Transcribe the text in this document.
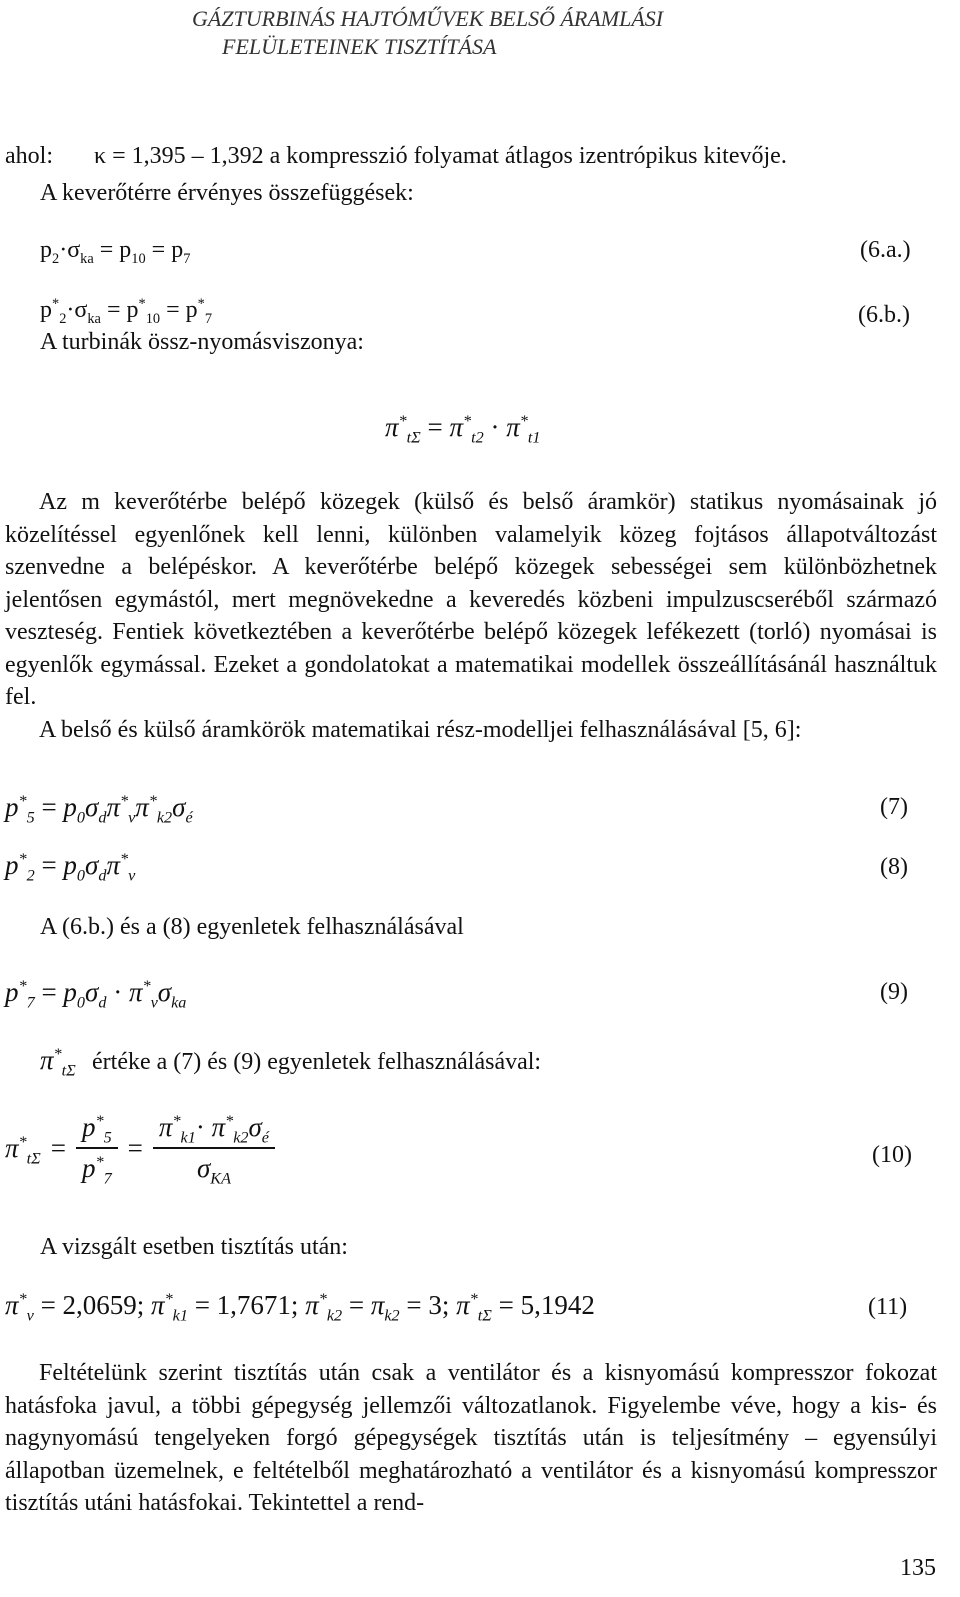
GÁZTURBINÁS HAJTÓMŰVEK BELSŐ ÁRAMLÁSI
FELÜLETEINEK TISZTÍTÁSA
ahol: κ = 1,395 – 1,392 a kompresszió folyamat átlagos izentrópikus kitevője.
A keverőtérre érvényes összefüggések:
$p_2\cdot\sigma_{ka} = p_{10} = p_7$	(6.a.)
$p^*_2\cdot\sigma_{ka} = p^*_{10} = p^*_7$	(6.b.)
A turbinák össz-nyomásviszonya:
$\pi^*_{t\Sigma} = \pi^*_{t2} \cdot \pi^*_{t1}$

Az m keverőtérbe belépő közegek (külső és belső áramkör) statikus nyomásainak jó közelítéssel egyenlőnek kell lenni, különben valamelyik közeg fojtásos állapotváltozást szenvedne a belépéskor. A keverőtérbe belépő közegek sebességei sem különbözhetnek jelentősen egymástól, mert megnövekedne a keveredés közbeni impulzuscseréből származó veszteség. Fentiek következtében a keverőtérbe belépő közegek lefékezett (torló) nyomásai is egyenlők egymással. Ezeket a gondolatokat a matematikai modellek összeállításánál használtuk fel.

A belső és külső áramkörök matematikai rész-modelljei felhasználásával [5, 6]:

$p^*_5 = p_0\sigma_d\pi^*_v\pi^*_{k2}\sigma_é$	(7)
$p^*_2 = p_0\sigma_d\pi^*_v$	(8)
A (6.b.) és a (8) egyenletek felhasználásával
$p^*_7 = p_0\sigma_d \cdot \pi^*_v\sigma_{ka}$	(9)
$\pi^*_{t\Sigma}$ értéke a (7) és (9) egyenletek felhasználásával:
$\pi^*_{t\Sigma} = \frac{p^*_5}{p^*_7} = \frac{\pi^*_{k1}\cdot \pi^*_{k2}\sigma_é}{\sigma_{KA}}$	(10)
A vizsgált esetben tisztítás után:
$\pi^*_v = 2,0659$; $\pi^*_{k1} = 1,7671$; $\pi^*_{k2} = \pi_{k2} = 3$; $\pi^*_{t\Sigma} = 5,1942$	(11)

Feltételünk szerint tisztítás után csak a ventilátor és a kisnyomású kompresszor fokozat hatásfoka javul, a többi gépegység jellemzői változatlanok. Figyelembe véve, hogy a kis- és nagynyomású tengelyeken forgó gépegységek tisztítás után is teljesítmény – egyensúlyi állapotban üzemelnek, e feltételből meghatározható a ventilátor és a kisnyomású kompresszor tisztítás utáni hatásfokai. Tekintettel a rend-

135
